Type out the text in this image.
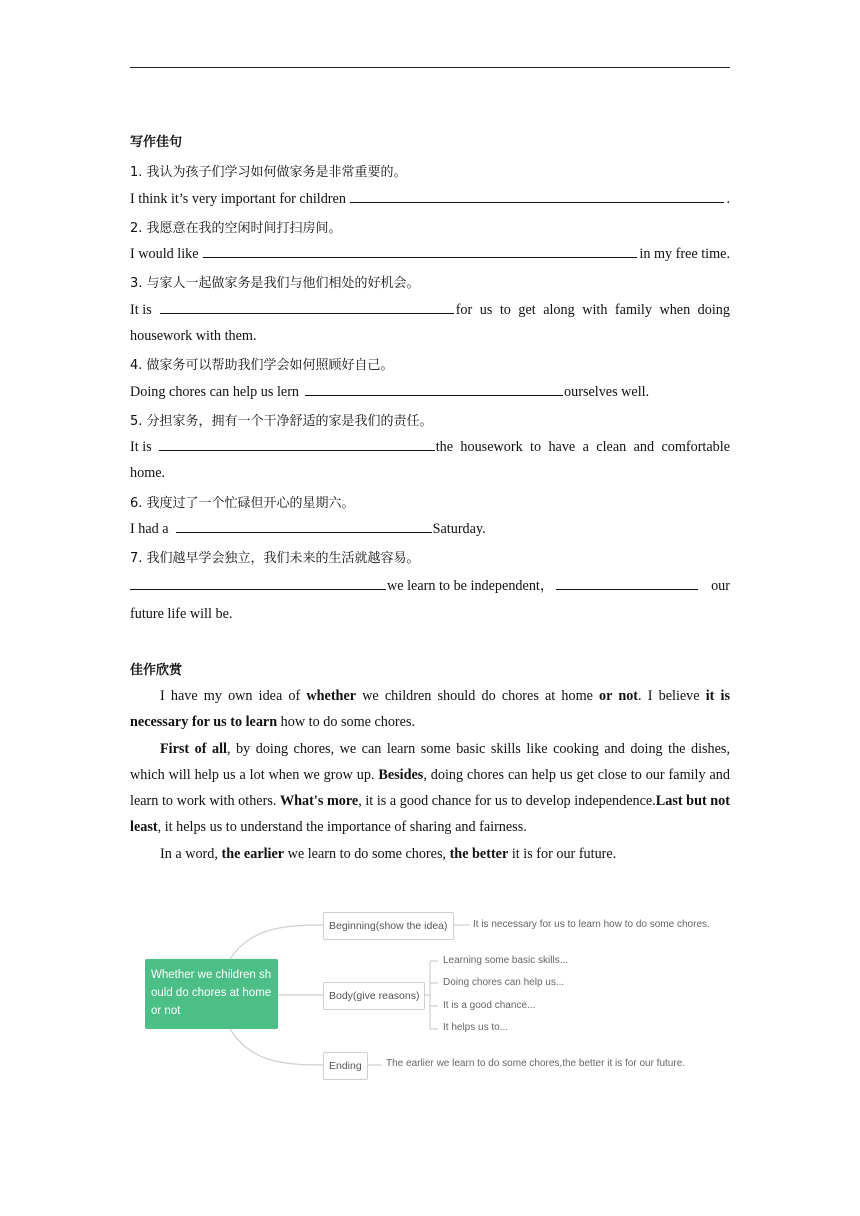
写作佳句
1. 我认为孩子们学习如何做家务是非常重要的。
I think it’s very important for children	.
2. 我愿意在我的空闲时间打扫房间。
I would like	in my free time.
3. 与家人一起做家务是我们与他们相处的好机会。
It is	for us to get along with family when doing
housework with them.
4. 做家务可以帮助我们学会如何照顾好自己。
Doing chores can help us lern	ourselves well.
5. 分担家务，拥有一个干净舒适的家是我们的责任。
It is	the housework to have a clean and comfortable
home.
6. 我度过了一个忙碌但开心的星期六。
I had a	Saturday.
7. 我们越早学会独立，我们未来的生活就越容易。
we learn to be independent，	our
future life will be.
佳作欣赏

I have my own idea of whether we children should do chores at home or not. I believe it is necessary for us to learn how to do some chores.

First of all, by doing chores, we can learn some basic skills like cooking and doing the dishes, which will help us a lot when we grow up. Besides, doing chores can help us get close to our family and learn to work with others. What's more, it is a good chance for us to develop independence.Last but not least, it helps us to understand the importance of sharing and fairness.

In a word, the earlier we learn to do some chores, the better it is for our future.

Whether we children should do chores at home or not
Beginning(show the idea)	It is necessary for us to learn how to do some chores.
Body(give reasons)
Learning some basic skills...
Doing chores can help us...
It is a good chance...
It helps us to...
Ending	The earlier we learn to do some chores,the better it is for our future.
